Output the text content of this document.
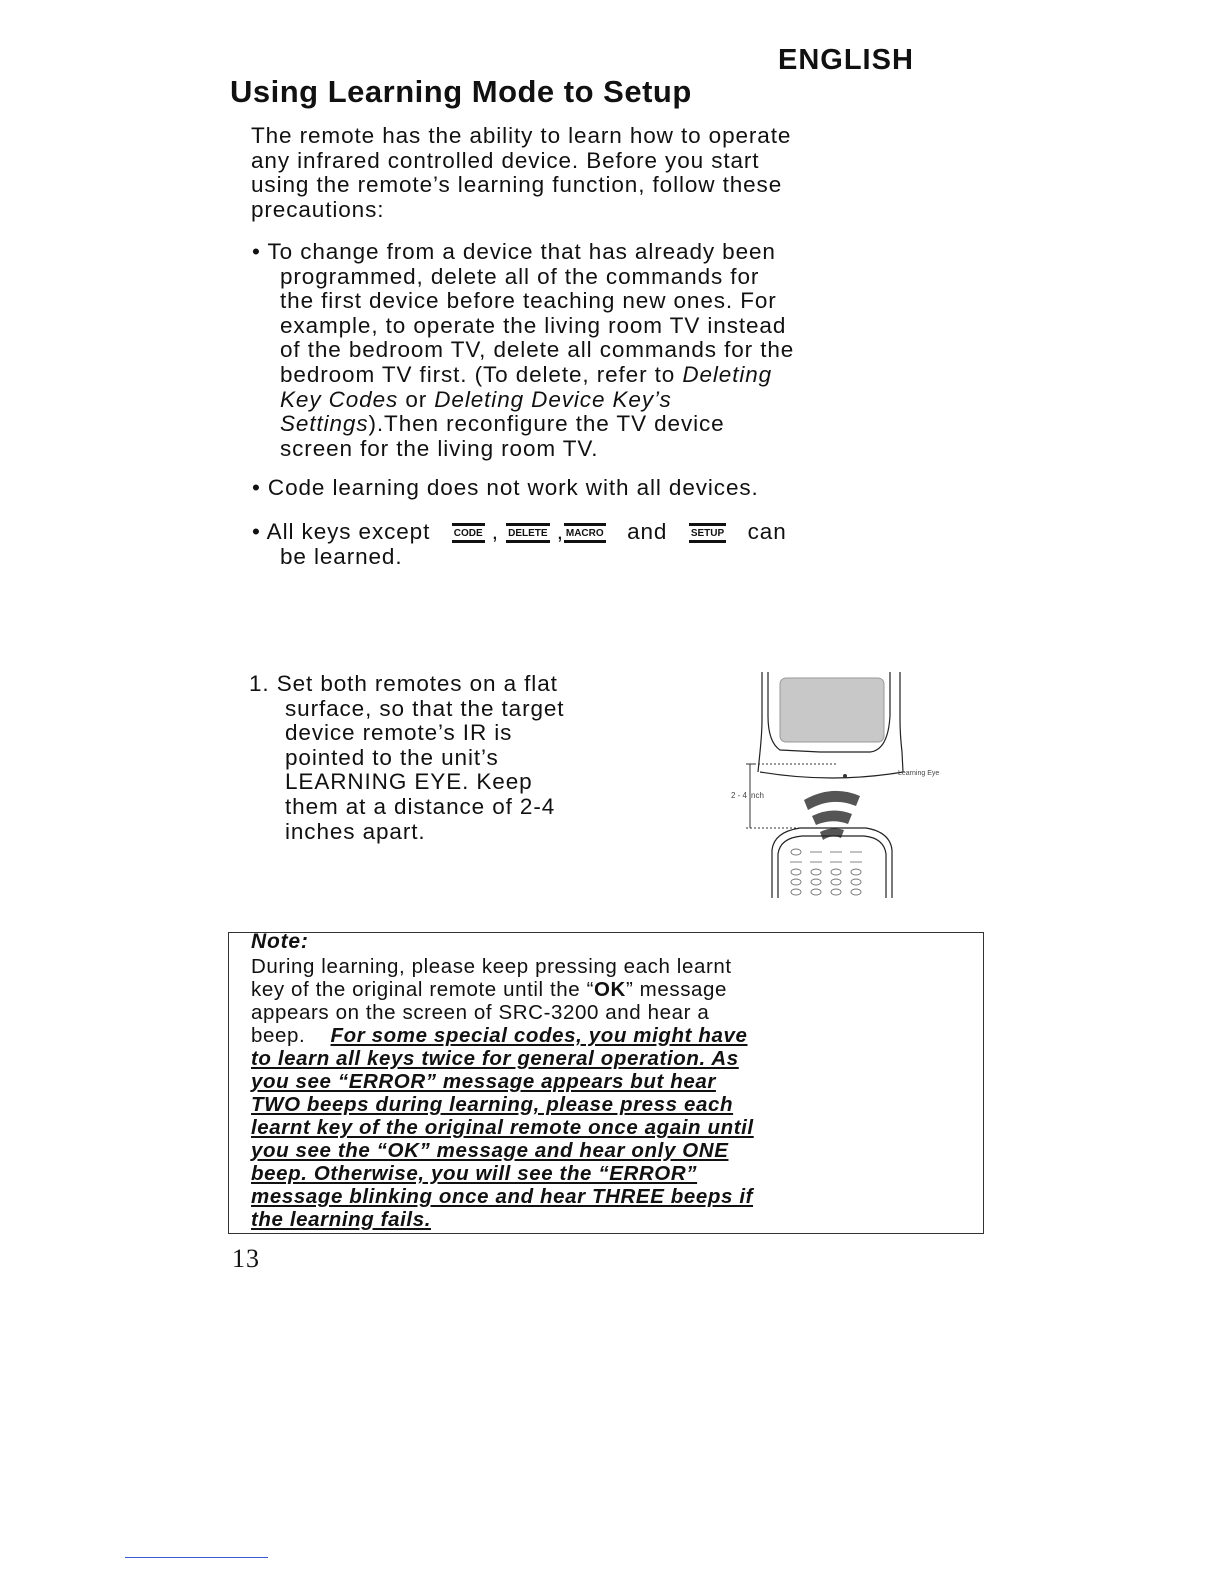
ENGLISH
Using Learning Mode to Setup

The remote has the ability to learn how to operate
any infrared controlled device. Before you start
using the remote’s learning function, follow these
precautions:

• To change from a device that has already been
programmed, delete all of the commands for
the first device before teaching new ones. For
example, to operate the living room TV instead
of the bedroom TV, delete all commands for the
bedroom TV first. (To delete, refer to Deleting
Key Codes or Deleting Device Key’s
Settings).Then reconfigure the TV device
screen for the living room TV.

• Code learning does not work with all devices.

• All keys except CODE , DELETE , MACRO and SETUP can
be learned.

1. Set both remotes on a flat
surface, so that the target
device remote’s IR is
pointed to the unit’s
LEARNING EYE. Keep
them at a distance of 2-4
inches apart.

Learning Eye
2 - 4 inch
Note:

During learning, please keep pressing each learnt
key of the original remote until the “OK” message
appears on the screen of SRC-3200 and hear a
beep.    For some special codes, you might have
to learn all keys twice for general operation. As
you see “ERROR” message appears but hear
TWO beeps during learning, please press each
learnt key of the original remote once again until
you see the “OK” message and hear only ONE
beep. Otherwise, you will see the “ERROR”
message blinking once and hear THREE beeps if
the learning fails.

13
